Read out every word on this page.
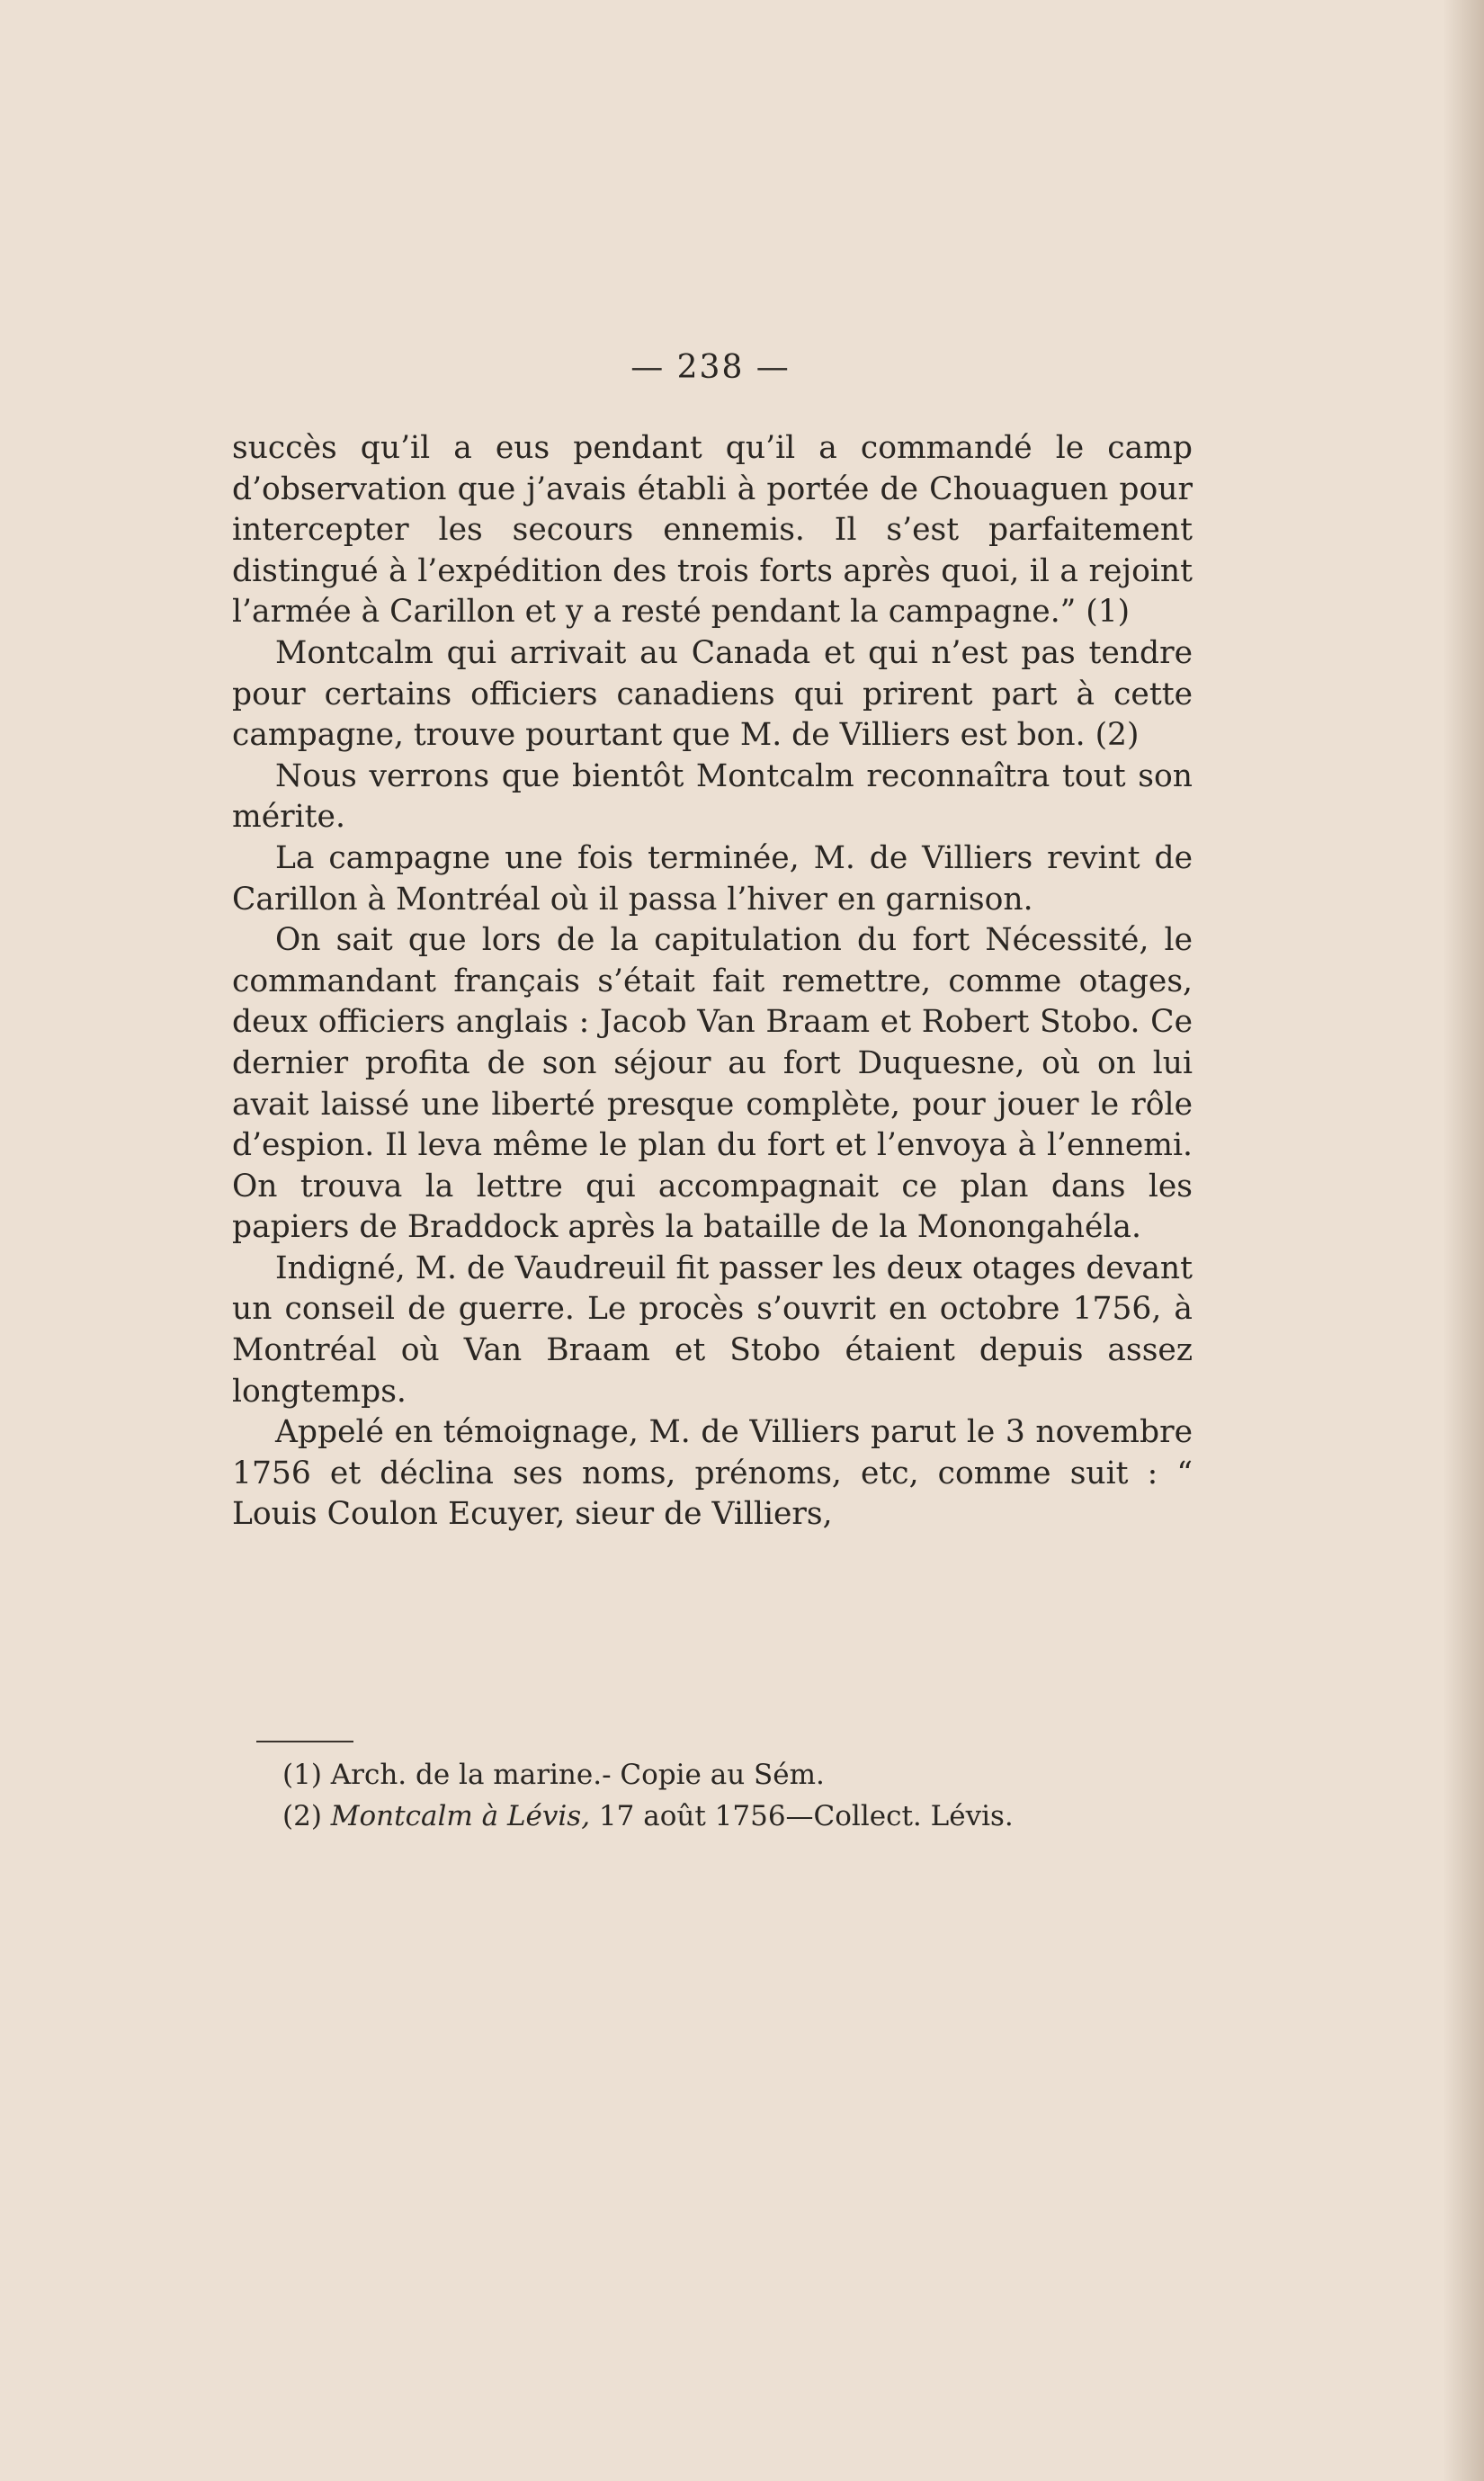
— 238 —

succès qu’il a eus pendant qu’il a commandé le camp d’observation que j’avais établi à portée de Chouaguen pour intercepter les secours ennemis. Il s’est parfaitement distingué à l’expédition des trois forts après quoi, il a rejoint l’armée à Carillon et y a resté pendant la campagne.” (1)

Montcalm qui arrivait au Canada et qui n’est pas tendre pour certains officiers canadiens qui prirent part à cette campagne, trouve pourtant que M. de Villiers est bon. (2)

Nous verrons que bientôt Montcalm reconnaîtra tout son mérite.

La campagne une fois terminée, M. de Villiers revint de Carillon à Montréal où il passa l’hiver en garnison.

On sait que lors de la capitulation du fort Nécessité, le commandant français s’était fait remettre, comme otages, deux officiers anglais : Jacob Van Braam et Robert Stobo. Ce dernier profita de son séjour au fort Duquesne, où on lui avait laissé une liberté presque complète, pour jouer le rôle d’espion. Il leva même le plan du fort et l’envoya à l’ennemi. On trouva la lettre qui accompagnait ce plan dans les papiers de Braddock après la bataille de la Monongahéla.

Indigné, M. de Vaudreuil fit passer les deux otages devant un conseil de guerre. Le procès s’ouvrit en octobre 1756, à Montréal où Van Braam et Stobo étaient depuis assez longtemps.

Appelé en témoignage, M. de Villiers parut le 3 novembre 1756 et déclina ses noms, prénoms, etc, comme suit : “ Louis Coulon Ecuyer, sieur de Villiers,

(1) Arch. de la marine.- Copie au Sém.

(2) Montcalm à Lévis, 17 août 1756—Collect. Lévis.
